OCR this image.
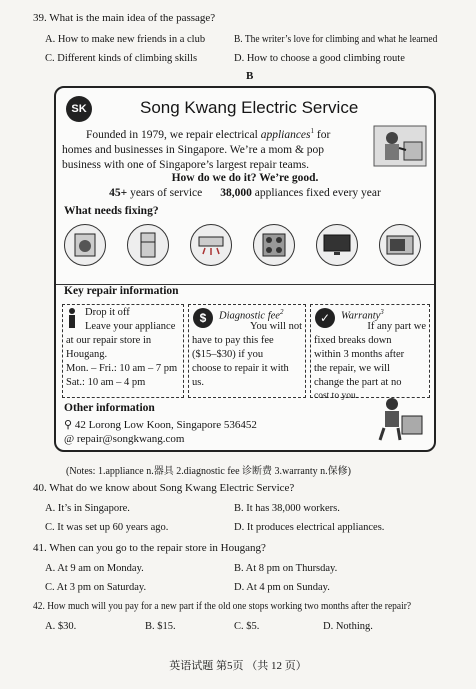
39. What is the main idea of the passage?
A. How to make new friends in a club	B. The writer’s love for climbing and what he learned
C. Different kinds of climbing skills	D. How to choose a good climbing route
B
SK	Song Kwang Electric Service

Founded in 1979, we repair electrical appliances$^1$ for homes and businesses in Singapore. We’re a mom & pop business with one of Singapore’s largest repair teams.

How do we do it? We’re good.
45+ years of service 38,000 appliances fixed every year
What needs fixing?
Key repair information
Drop it off
Leave your appliance
at our repair store in
Hougang.
Mon. – Fri.: 10 am – 7 pm
Sat.: 10 am – 4 pm
$	Diagnostic fee$^2$
You will not
have to pay this fee
($15–$30) if you
choose to repair it with
us.
✓	Warranty$^3$
If any part we
fixed breaks down
within 3 months after
the repair, we will
change the part at no
cost to you.
Other information
⚲ 42 Lorong Low Koon, Singapore 536452
@ repair@songkwang.com
(Notes: 1.appliance n.器具 2.diagnostic fee 诊断费 3.warranty n.保修)
40. What do we know about Song Kwang Electric Service?
A. It’s in Singapore.	B. It has 38,000 workers.
C. It was set up 60 years ago.	D. It produces electrical appliances.
41. When can you go to the repair store in Hougang?
A. At 9 am on Monday.	B. At 8 pm on Thursday.
C. At 3 pm on Saturday.	D. At 4 pm on Sunday.
42. How much will you pay for a new part if the old one stops working two months after the repair?
A. $30.	B. $15.	C. $5.	D. Nothing.
英语试题 第5页 （共 12 页）
